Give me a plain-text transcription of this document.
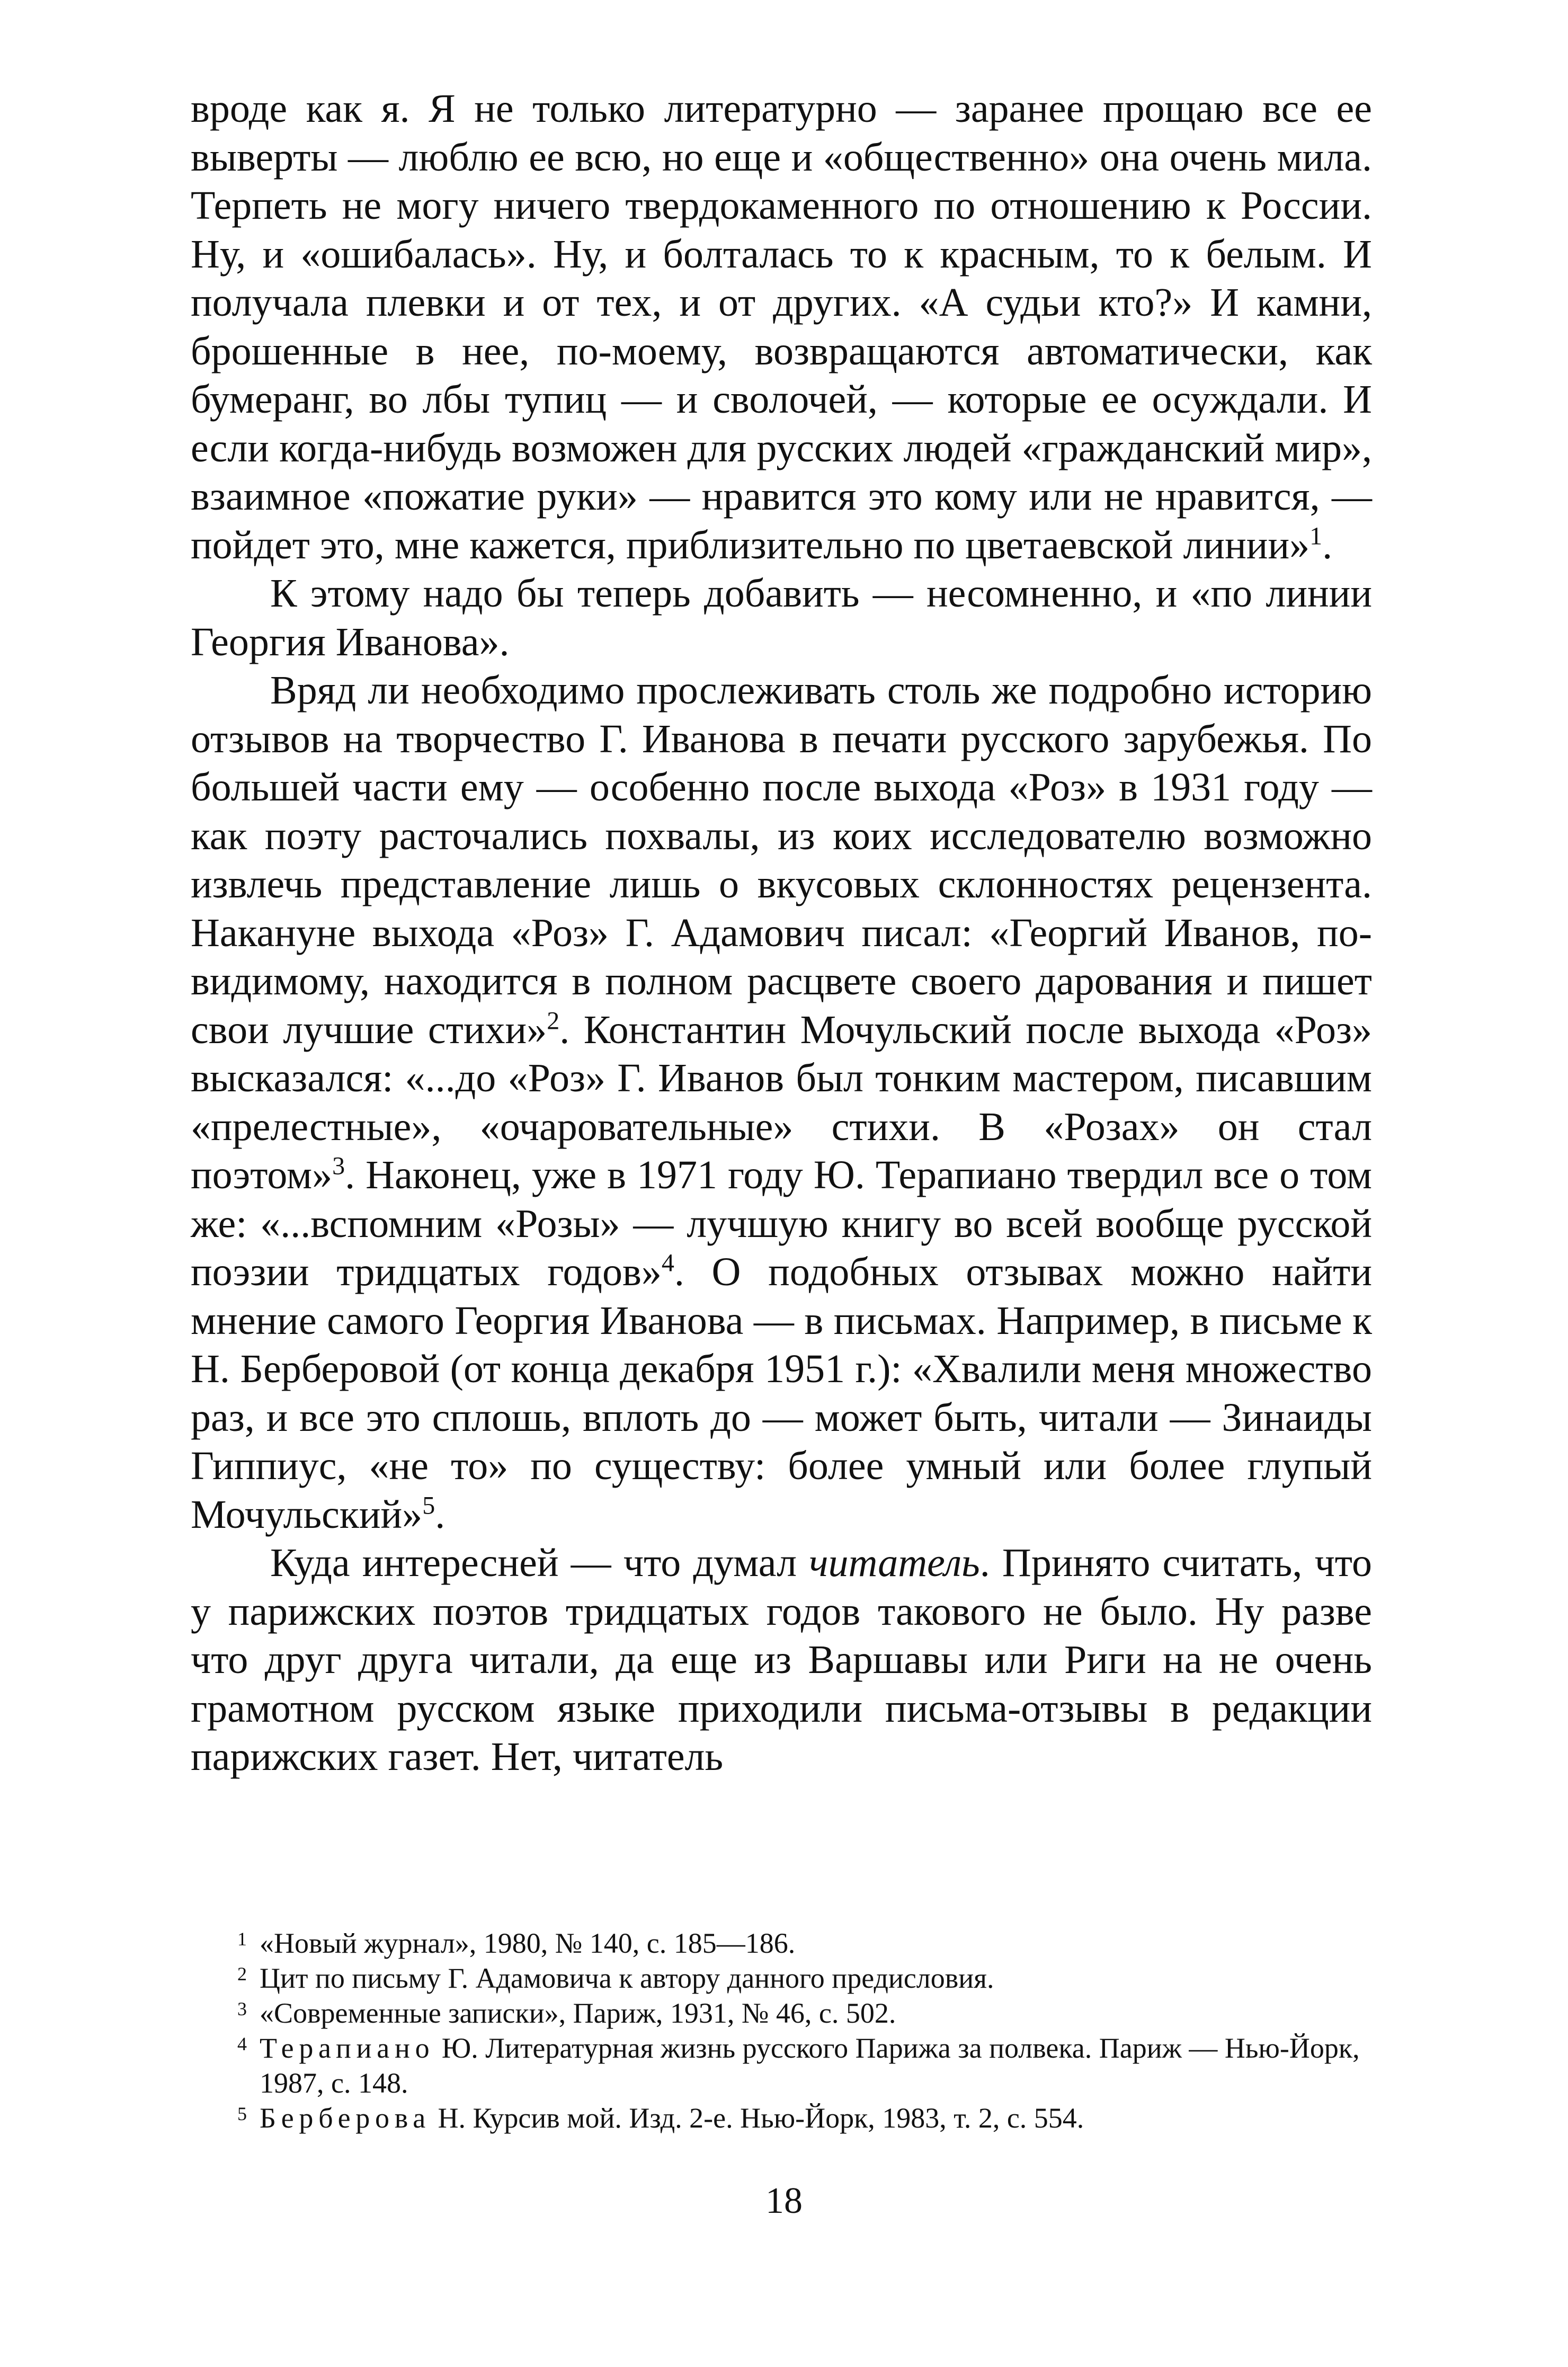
вроде как я. Я не только литературно — заранее прощаю все ее выверты — люблю ее всю, но еще и «общественно» она очень мила. Терпеть не могу ничего твердокаменного по отношению к России. Ну, и «ошибалась». Ну, и болталась то к красным, то к белым. И получала плевки и от тех, и от других. «А судьи кто?» И камни, брошенные в нее, по-моему, возвращаются автоматически, как бумеранг, во лбы тупиц — и сволочей, — которые ее осуждали. И если когда-нибудь возможен для русских людей «гражданский мир», взаимное «пожатие руки» — нравится это кому или не нравится, — пойдет это, мне кажется, приблизительно по цветаевской линии»$^1$.

К этому надо бы теперь добавить — несомненно, и «по линии Георгия Иванова».

Вряд ли необходимо прослеживать столь же подробно историю отзывов на творчество Г. Иванова в печати русского зарубежья. По большей части ему — особенно после выхода «Роз» в 1931 году — как поэту расточались похвалы, из коих исследователю возможно извлечь представление лишь о вкусовых склонностях рецензента. Накануне выхода «Роз» Г. Адамович писал: «Георгий Иванов, по-видимому, находится в полном расцвете своего дарования и пишет свои лучшие стихи»$^2$. Константин Мочульский после выхода «Роз» высказался: «...до «Роз» Г. Иванов был тонким мастером, писавшим «прелестные», «очаровательные» стихи. В «Розах» он стал поэтом»$^3$. Наконец, уже в 1971 году Ю. Терапиано твердил все о том же: «...вспомним «Розы» — лучшую книгу во всей вообще русской поэзии тридцатых годов»$^4$. О подобных отзывах можно найти мнение самого Георгия Иванова — в письмах. Например, в письме к Н. Берберовой (от конца декабря 1951 г.): «Хвалили меня множество раз, и все это сплошь, вплоть до — может быть, читали — Зинаиды Гиппиус, «не то» по существу: более умный или более глупый Мочульский»$^5$.

Куда интересней — что думал читатель. Принято считать, что у парижских поэтов тридцатых годов такового не было. Ну разве что друг друга читали, да еще из Варшавы или Риги на не очень грамотном русском языке приходили письма-отзывы в редакции парижских газет. Нет, читатель

1 «Новый журнал», 1980, № 140, с. 185—186.
2 Цит по письму Г. Адамовича к автору данного предисловия.
3 «Современные записки», Париж, 1931, № 46, с. 502.
4 Терапиано Ю. Литературная жизнь русского Парижа за полвека. Париж — Нью-Йорк, 1987, с. 148.
5 Берберова Н. Курсив мой. Изд. 2-е. Нью-Йорк, 1983, т. 2, с. 554.
18
